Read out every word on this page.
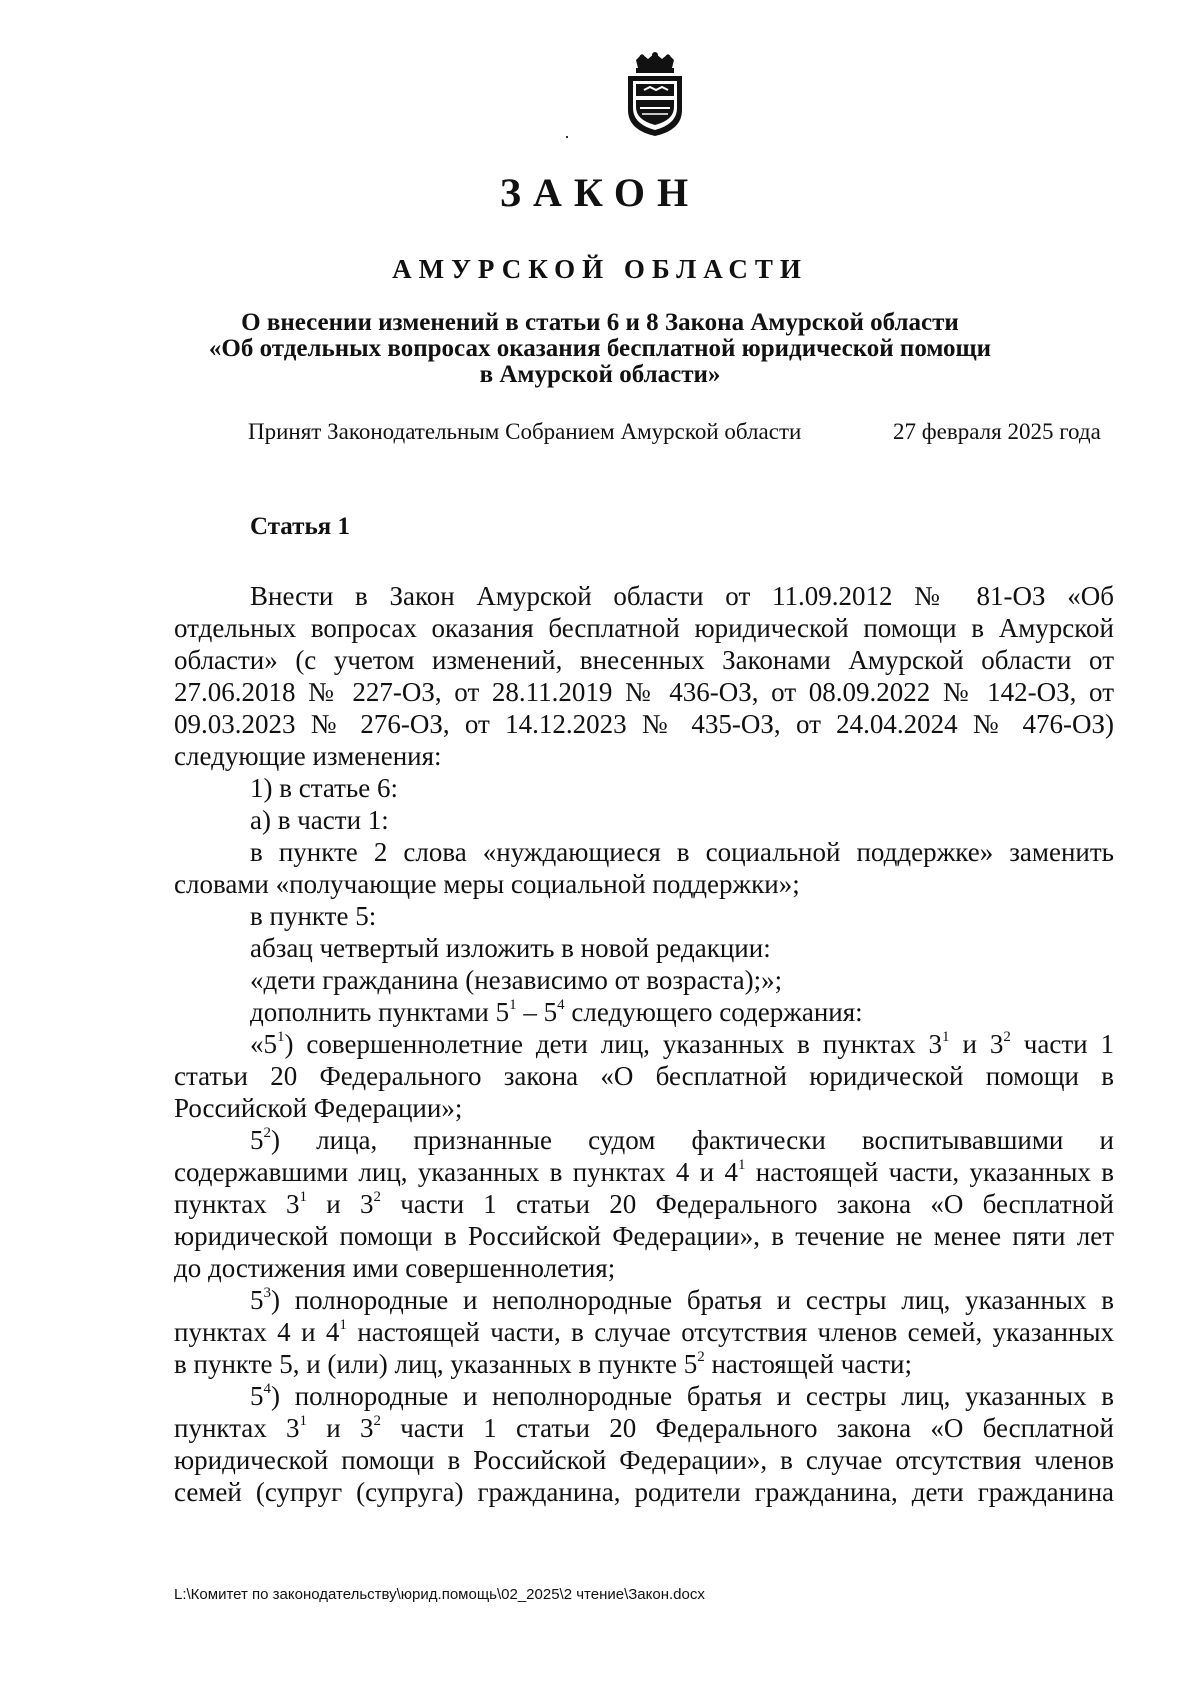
ЗАКОН
АМУРСКОЙ ОБЛАСТИ
О внесении изменений в статьи 6 и 8 Закона Амурской области
«Об отдельных вопросах оказания бесплатной юридической помощи
в Амурской области»
Принят Законодательным Собранием Амурской области	27 февраля 2025 года
Статья 1
Внести в Закон Амурской области от 11.09.2012 № 81-ОЗ «Об
отдельных вопросах оказания бесплатной юридической помощи в Амурской
области» (с учетом изменений, внесенных Законами Амурской области от
27.06.2018 № 227-ОЗ, от 28.11.2019 № 436-ОЗ, от 08.09.2022 № 142-ОЗ, от
09.03.2023 № 276-ОЗ, от 14.12.2023 № 435-ОЗ, от 24.04.2024 № 476-ОЗ)
следующие изменения:
1) в статье 6:
а) в части 1:
в пункте 2 слова «нуждающиеся в социальной поддержке» заменить
словами «получающие меры социальной поддержки»;
в пункте 5:
абзац четвертый изложить в новой редакции:
«дети гражданина (независимо от возраста);»;
дополнить пунктами $5^1 - 5^4$ следующего содержания:
«$5^1$) совершеннолетние дети лиц, указанных в пунктах $3^1$ и $3^2$ части 1
статьи 20 Федерального закона «О бесплатной юридической помощи в
Российской Федерации»;
$5^2$) лица, признанные судом фактически воспитывавшими и
содержавшими лиц, указанных в пунктах 4 и $4^1$ настоящей части, указанных в
пунктах $3^1$ и $3^2$ части 1 статьи 20 Федерального закона «О бесплатной
юридической помощи в Российской Федерации», в течение не менее пяти лет
до достижения ими совершеннолетия;
$5^3$) полнородные и неполнородные братья и сестры лиц, указанных в
пунктах 4 и $4^1$ настоящей части, в случае отсутствия членов семей, указанных
в пункте 5, и (или) лиц, указанных в пункте $5^2$ настоящей части;
$5^4$) полнородные и неполнородные братья и сестры лиц, указанных в
пунктах $3^1$ и $3^2$ части 1 статьи 20 Федерального закона «О бесплатной
юридической помощи в Российской Федерации», в случае отсутствия членов
семей (супруг (супруга) гражданина, родители гражданина, дети гражданина
L:\Комитет по законодательству\юрид.помощь\02_2025\2 чтение\Закон.docx
